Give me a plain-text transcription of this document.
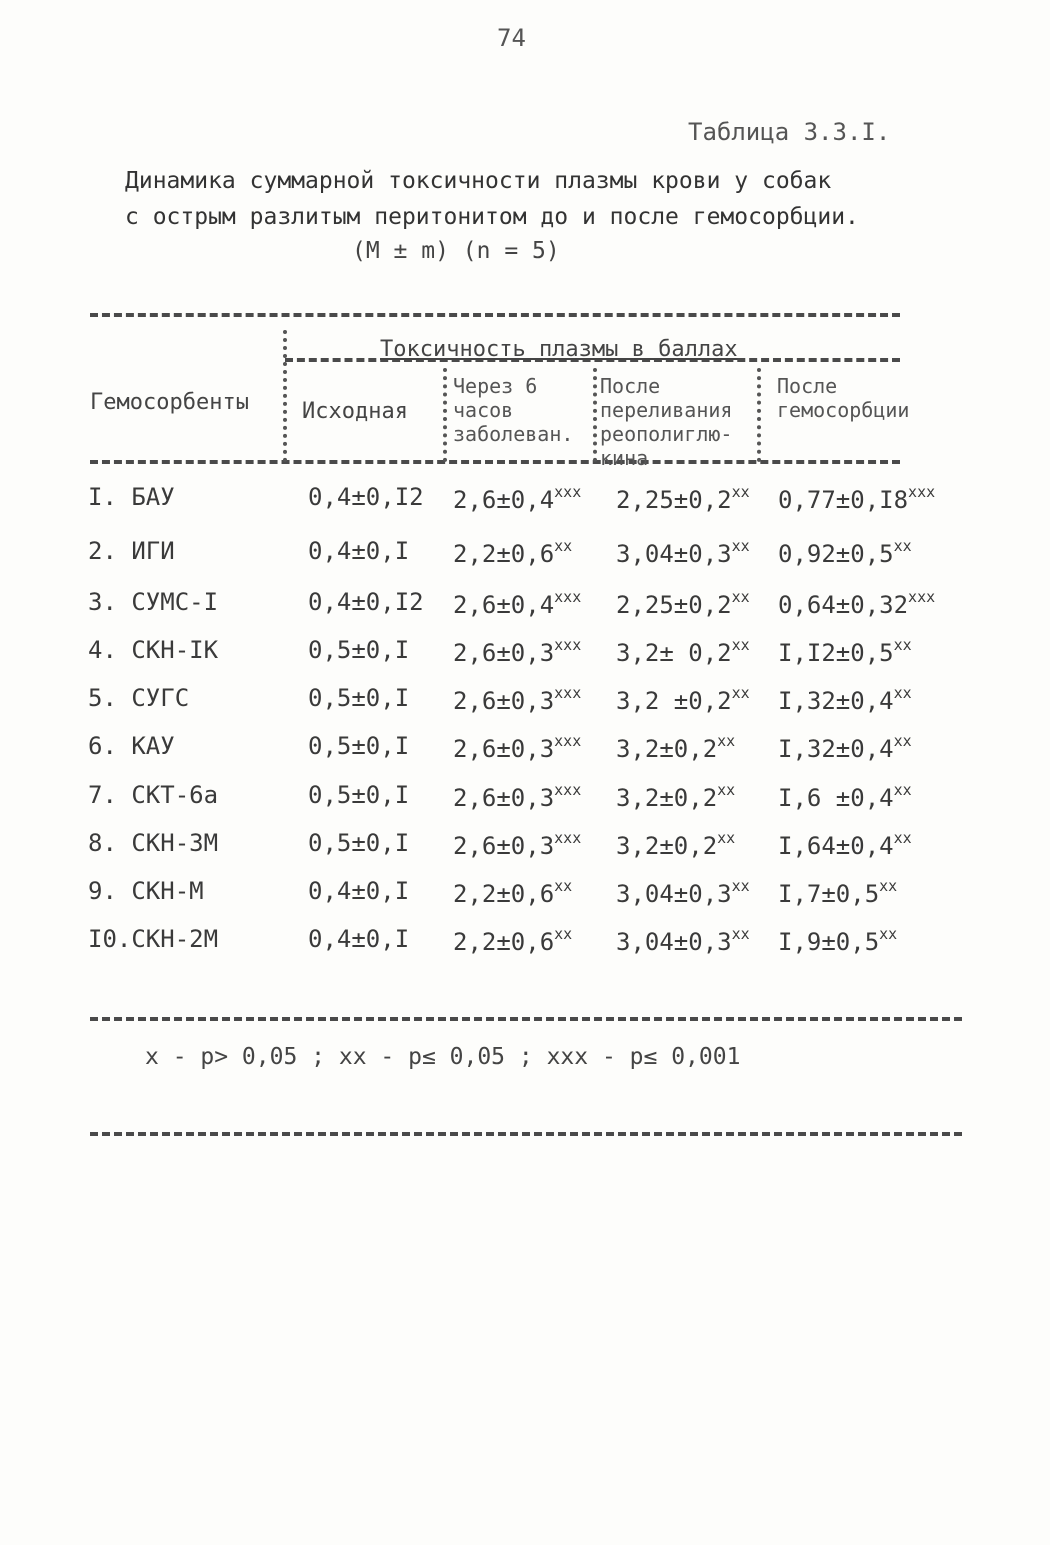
74
Таблица 3.3.I.
Динамика суммарной токсичности плазмы крови у собак
с острым разлитым перитонитом до и после гемосорбции.
(M ± m) (n = 5)
Гемосорбенты
Токсичность плазмы в баллах
Исходная
Через 6 часов заболеван.
После переливания реополиглю-кина
После гемосорбции
I. БАУ	0,4±0,I2 $2,6\pm 0,4^{xxx}$ $2,25\pm 0,2^{xx}$ $0,77\pm 0,I8^{xxx}$
2. ИГИ	0,4±0,I $2,2\pm 0,6^{xx}$ $3,04\pm 0,3^{xx}$ $0,92\pm 0,5^{xx}$
3. СУМС-I	0,4±0,I2 $2,6\pm 0,4^{xxx}$ $2,25\pm 0,2^{xx}$ $0,64\pm 0,32^{xxx}$
4. СКН-IК	0,5±0,I $2,6\pm 0,3^{xxx}$ $3,2\pm 0,2^{xx}$ $I,I2\pm 0,5^{xx}$
5. СУГС	0,5±0,I $2,6\pm 0,3^{xxx}$ $3,2 \pm 0,2^{xx}$ $I,32\pm 0,4^{xx}$
6. КАУ	0,5±0,I $2,6\pm 0,3^{xxx}$ $3,2\pm 0,2^{xx}$ $I,32\pm 0,4^{xx}$
7. СКТ-6а	0,5±0,I $2,6\pm 0,3^{xxx}$ $3,2\pm 0,2^{xx}$ $I,6 \pm 0,4^{xx}$
8. СКН-3М	0,5±0,I $2,6\pm 0,3^{xxx}$ $3,2\pm 0,2^{xx}$ $I,64\pm 0,4^{xx}$
9. СКН-М	0,4±0,I $2,2\pm 0,6^{xx}$ $3,04\pm 0,3^{xx}$ $I,7\pm 0,5^{xx}$
I0.СКН-2М	0,4±0,I $2,2\pm 0,6^{xx}$ $3,04\pm 0,3^{xx}$ $I,9\pm 0,5^{xx}$
x - p> 0,05 ; xx - p≤ 0,05 ; xxx - p≤ 0,001
